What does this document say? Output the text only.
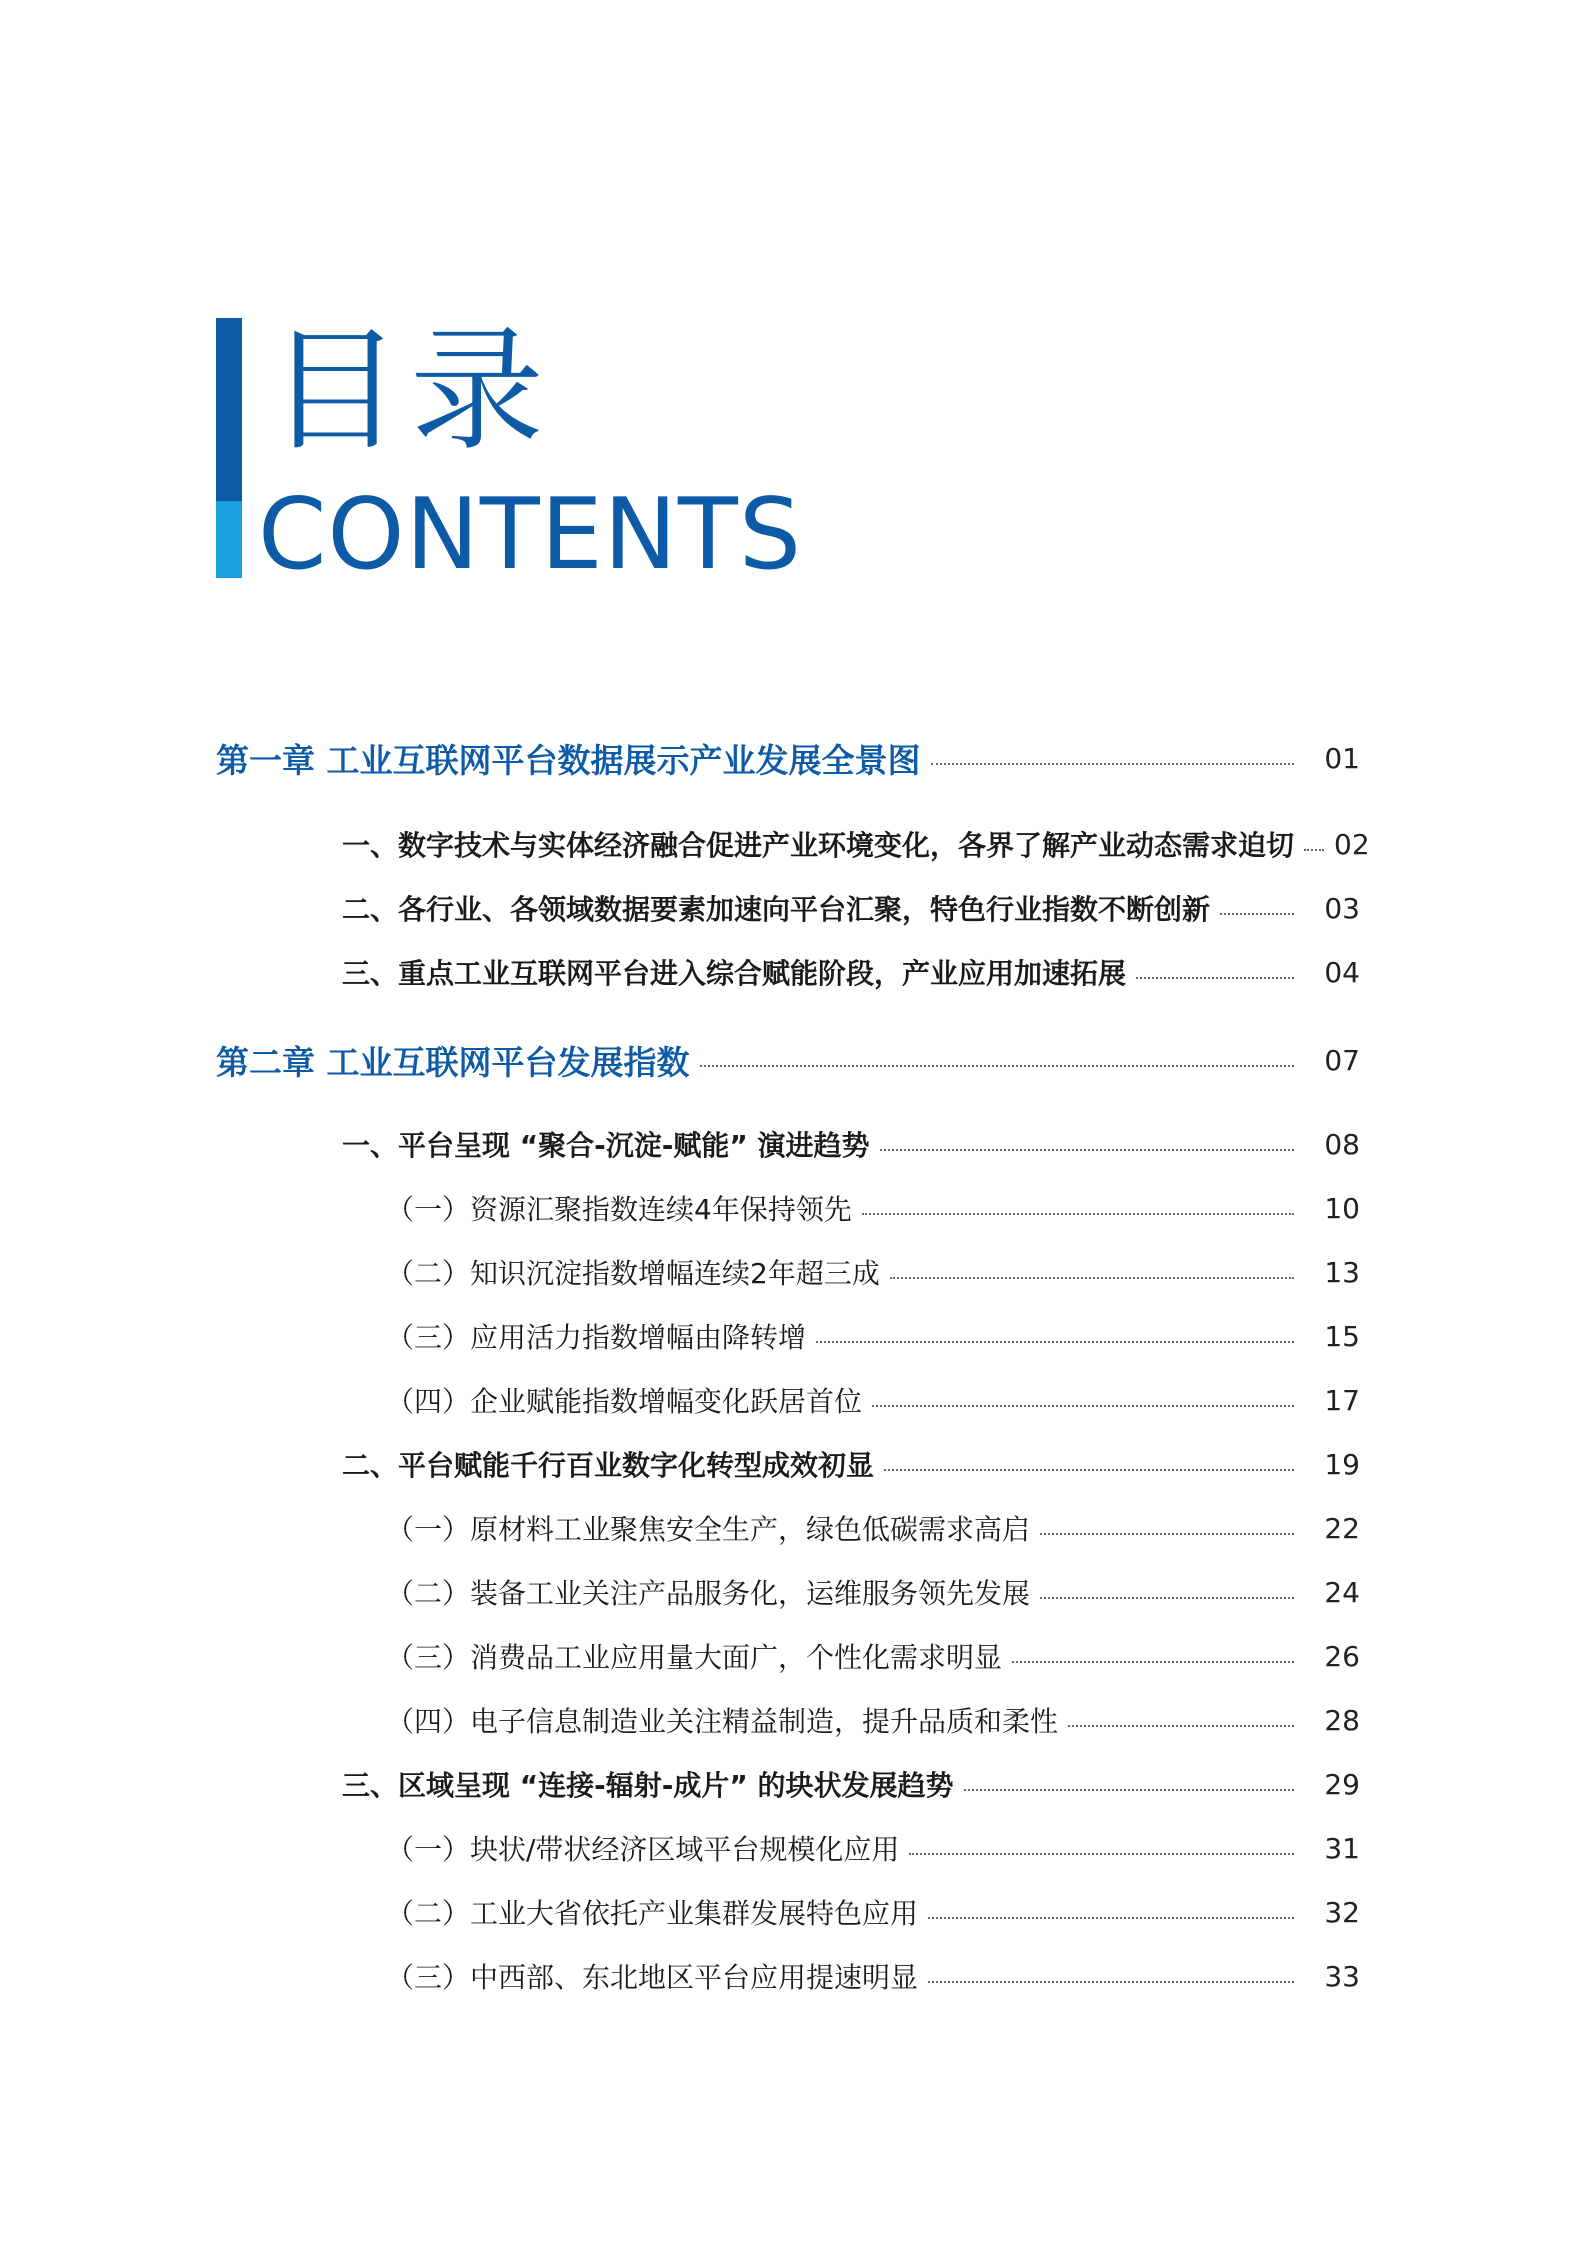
目录
CONTENTS
第一章 工业互联网平台数据展示产业发展全景图	01
一、数字技术与实体经济融合促进产业环境变化，各界了解产业动态需求迫切 02
二、各行业、各领域数据要素加速向平台汇聚，特色行业指数不断创新	03
三、重点工业互联网平台进入综合赋能阶段，产业应用加速拓展	04
第二章 工业互联网平台发展指数	07
一、平台呈现 “聚合-沉淀-赋能” 演进趋势	08
（一）资源汇聚指数连续4年保持领先	10
（二）知识沉淀指数增幅连续2年超三成	13
（三）应用活力指数增幅由降转增	15
（四）企业赋能指数增幅变化跃居首位	17
二、平台赋能千行百业数字化转型成效初显	19
（一）原材料工业聚焦安全生产，绿色低碳需求高启	22
（二）装备工业关注产品服务化，运维服务领先发展	24
（三）消费品工业应用量大面广，个性化需求明显	26
（四）电子信息制造业关注精益制造，提升品质和柔性	28
三、区域呈现 “连接-辐射-成片” 的块状发展趋势	29
（一）块状/带状经济区域平台规模化应用	31
（二）工业大省依托产业集群发展特色应用	32
（三）中西部、东北地区平台应用提速明显	33
